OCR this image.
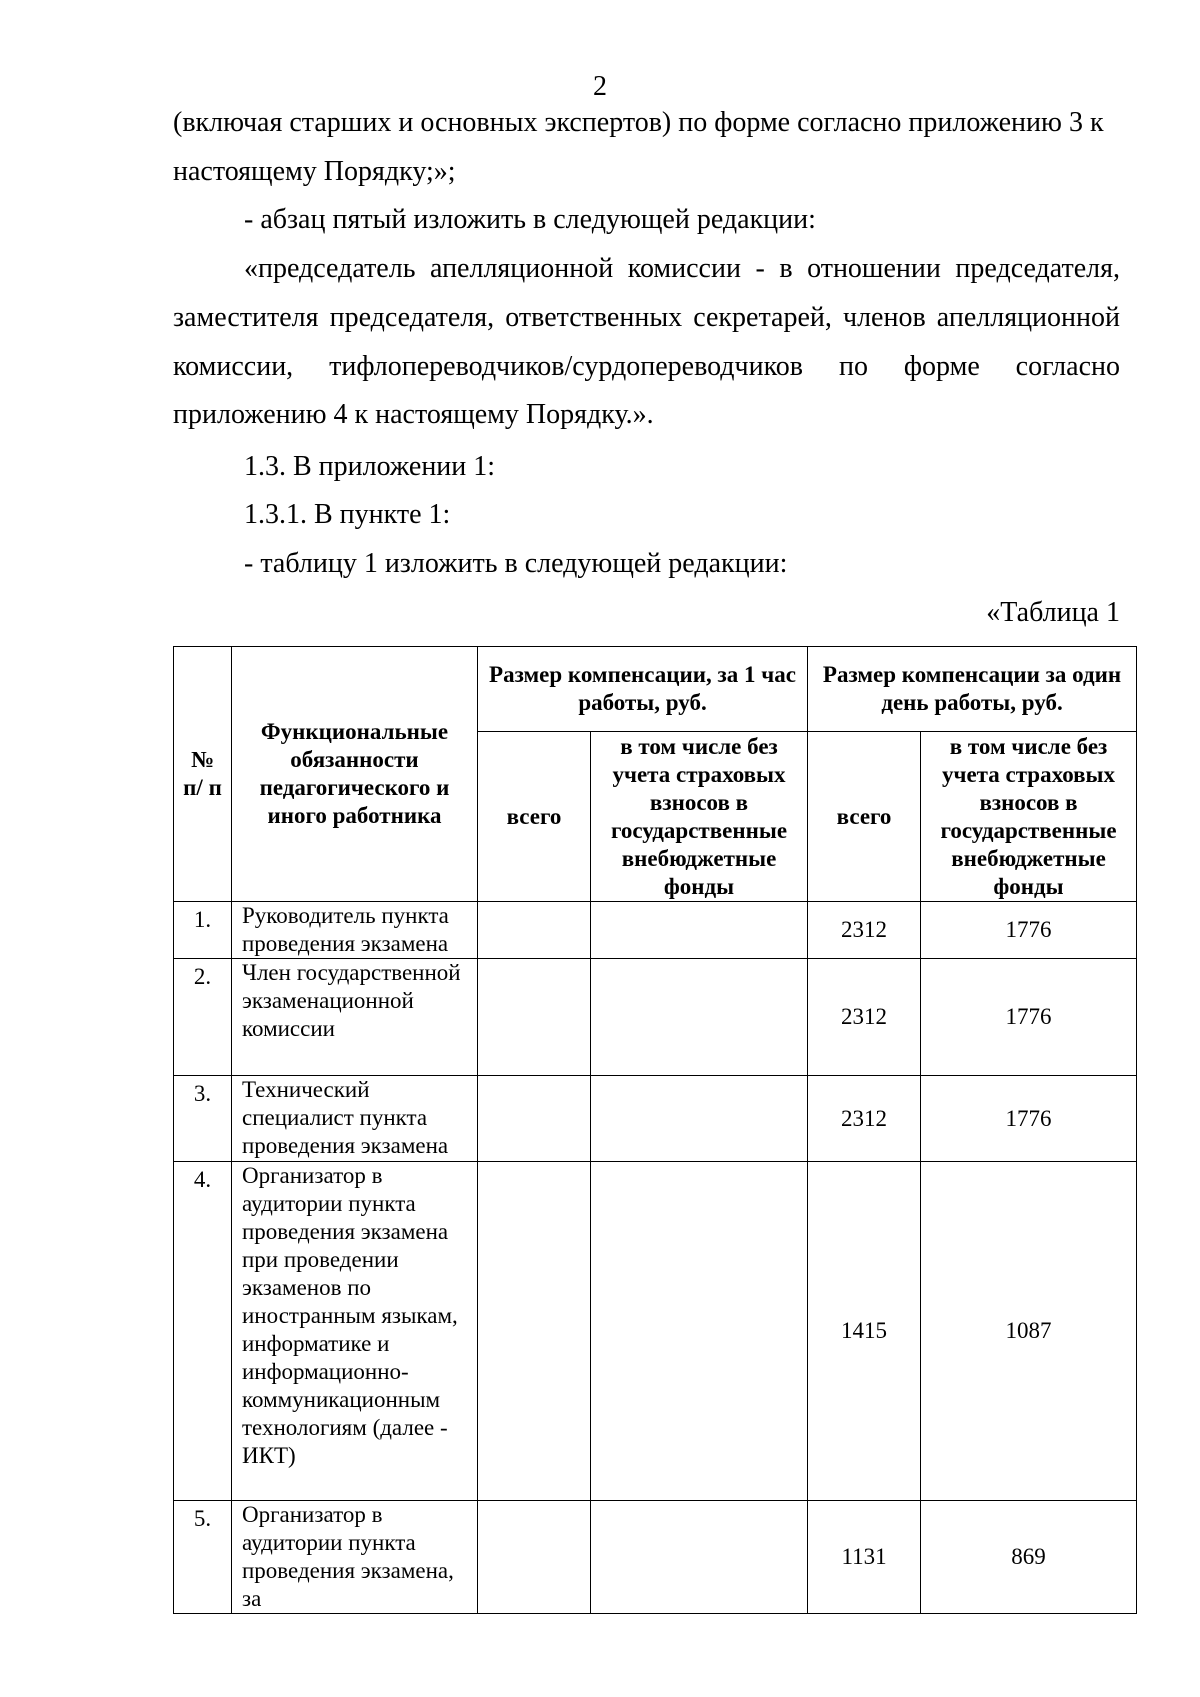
2
(включая старших и основных экспертов) по форме согласно приложению 3 к
настоящему Порядку;»;
- абзац пятый изложить в следующей редакции:
«председатель апелляционной комиссии - в отношении председателя,
заместителя председателя, ответственных секретарей, членов апелляционной
комиссии, тифлопереводчиков/сурдопереводчиков по форме согласно
приложению 4 к настоящему Порядку.».
1.3. В приложении 1:
1.3.1. В пункте 1:
- таблицу 1 изложить в следующей редакции:
«Таблица 1
№ п/ п	Функциональные обязанности педагогического и иного работника	Размер компенсации, за 1 час работы, руб.		Размер компенсации за один день работы, руб.	
		всего	в том числе без учета страховых взносов в государственные внебюджетные фонды	всего	в том числе без учета страховых взносов в государственные внебюджетные фонды
1.	Руководитель пункта проведения экзамена			2312	1776
2.	Член государственной экзаменационной комиссии			2312	1776
3.	Технический специалист пункта проведения экзамена			2312	1776
4.	Организатор в аудитории пункта проведения экзамена при проведении экзаменов по иностранным языкам, информатике и информационно-коммуникационным технологиям (далее - ИКТ)			1415	1087
5.	Организатор в аудитории пункта проведения экзамена, за			1131	869
